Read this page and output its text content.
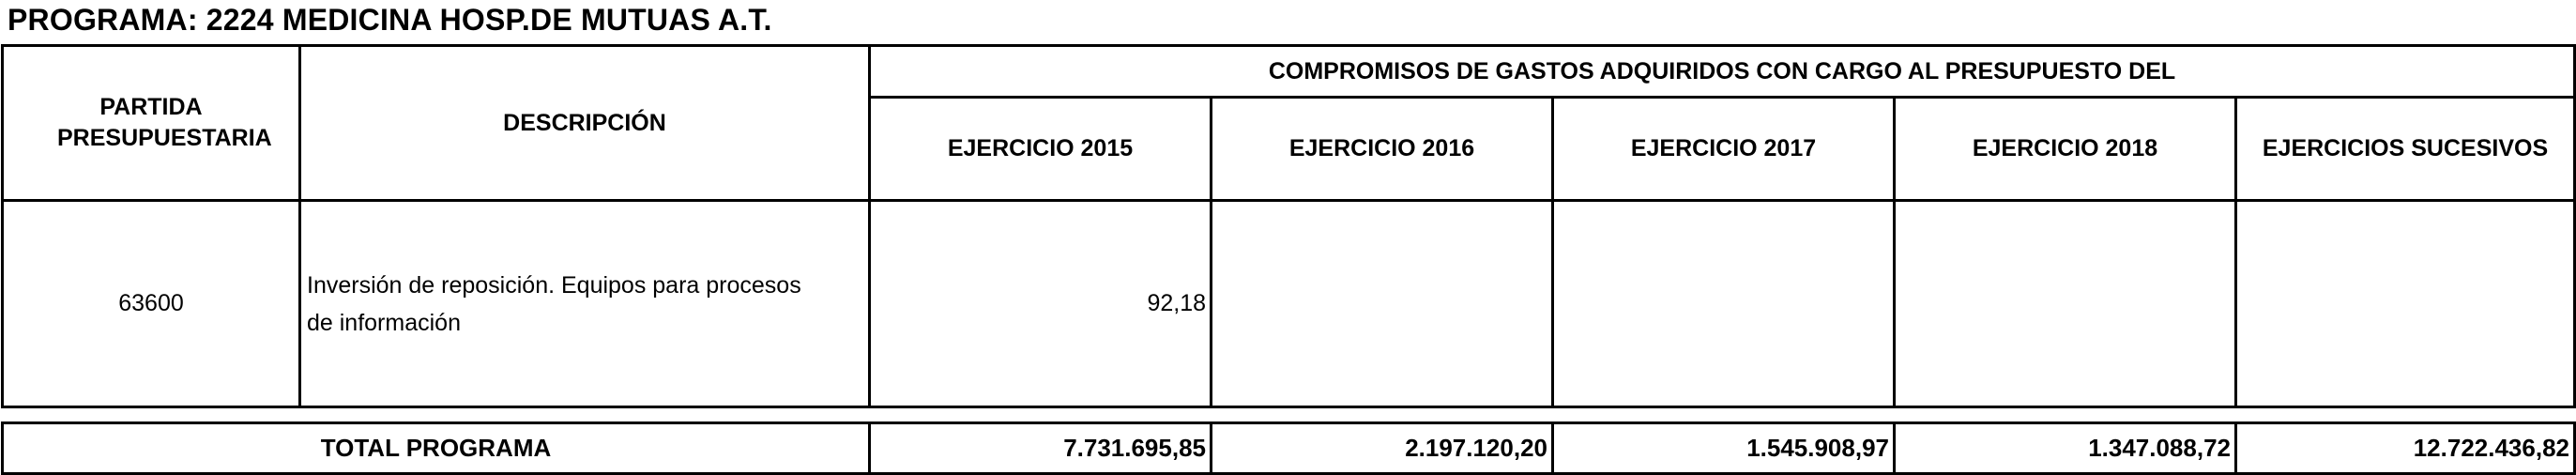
PROGRAMA: 2224 MEDICINA HOSP.DE MUTUAS A.T.
PARTIDA PRESUPUESTARIA	DESCRIPCIÓN	COMPROMISOS DE GASTOS ADQUIRIDOS CON CARGO AL PRESUPUESTO DEL				
		EJERCICIO 2015	EJERCICIO 2016	EJERCICIO 2017	EJERCICIO 2018	EJERCICIOS SUCESIVOS
63600	Inversión de reposición. Equipos para procesos de información	92,18				
TOTAL PROGRAMA	7.731.695,85	2.197.120,20	1.545.908,97	1.347.088,72	12.722.436,82
